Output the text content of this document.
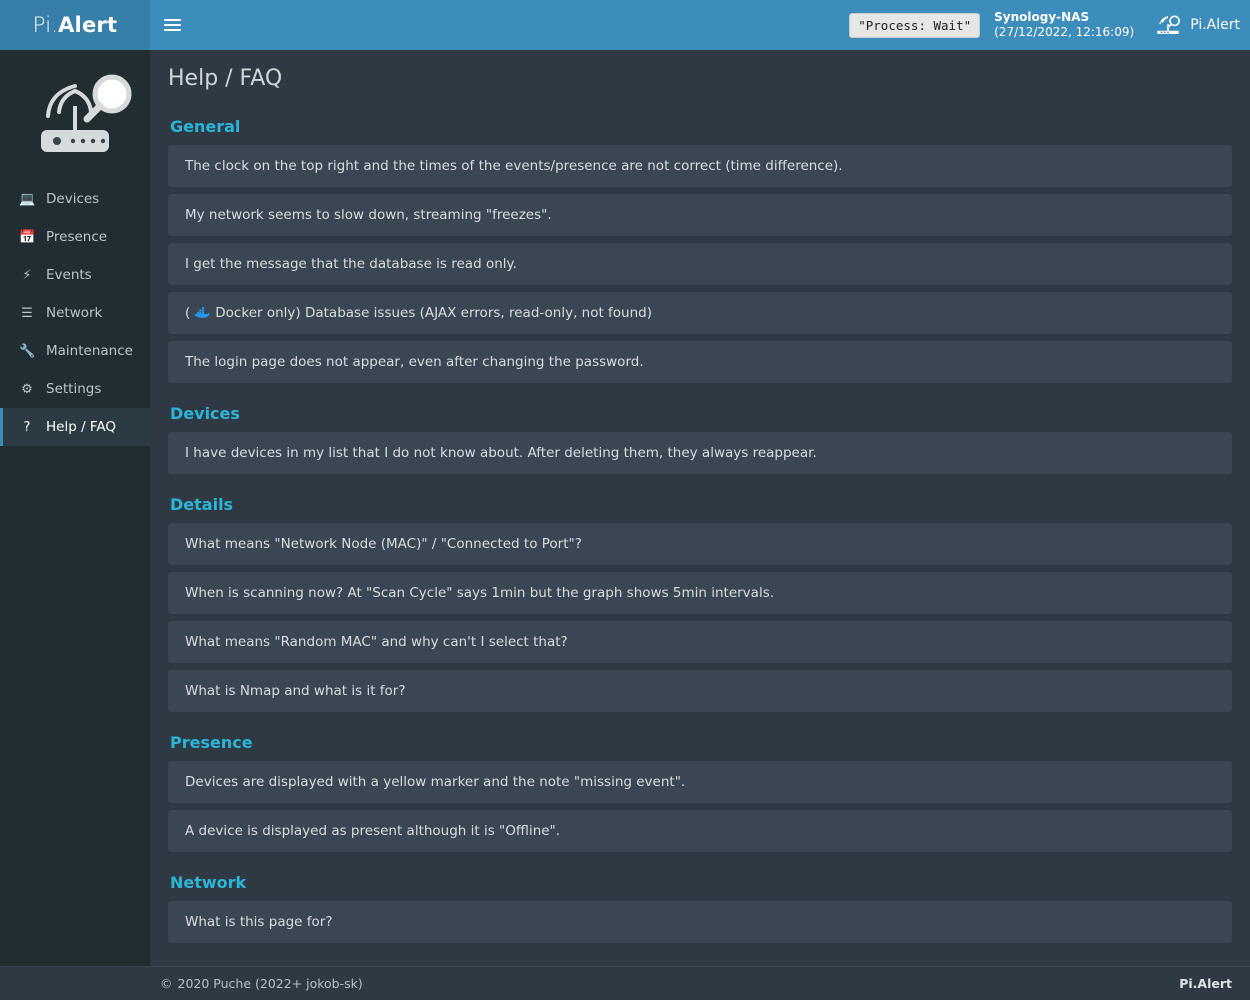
Pi. Alert	"Process: Wait"
Synology-NAS
(27/12/2022, 12:16:09)	Pi.Alert
💻 Devices
📅 Presence
⚡ Events
☰ Network
🔧 Maintenance
⚙ Settings
?	Help / FAQ
Help / FAQ
General
The clock on the top right and the times of the events/presence are not correct (time difference).
My network seems to slow down, streaming "freezes".
I get the message that the database is read only.
( Docker only) Database issues (AJAX errors, read-only, not found)
The login page does not appear, even after changing the password.
Devices
I have devices in my list that I do not know about. After deleting them, they always reappear.
Details
What means "Network Node (MAC)" / "Connected to Port"?
When is scanning now? At "Scan Cycle" says 1min but the graph shows 5min intervals.
What means "Random MAC" and why can't I select that?
What is Nmap and what is it for?
Presence
Devices are displayed with a yellow marker and the note "missing event".
A device is displayed as present although it is "Offline".
Network
What is this page for?
© 2020 Puche (2022+ jokob-sk)	Pi.Alert
